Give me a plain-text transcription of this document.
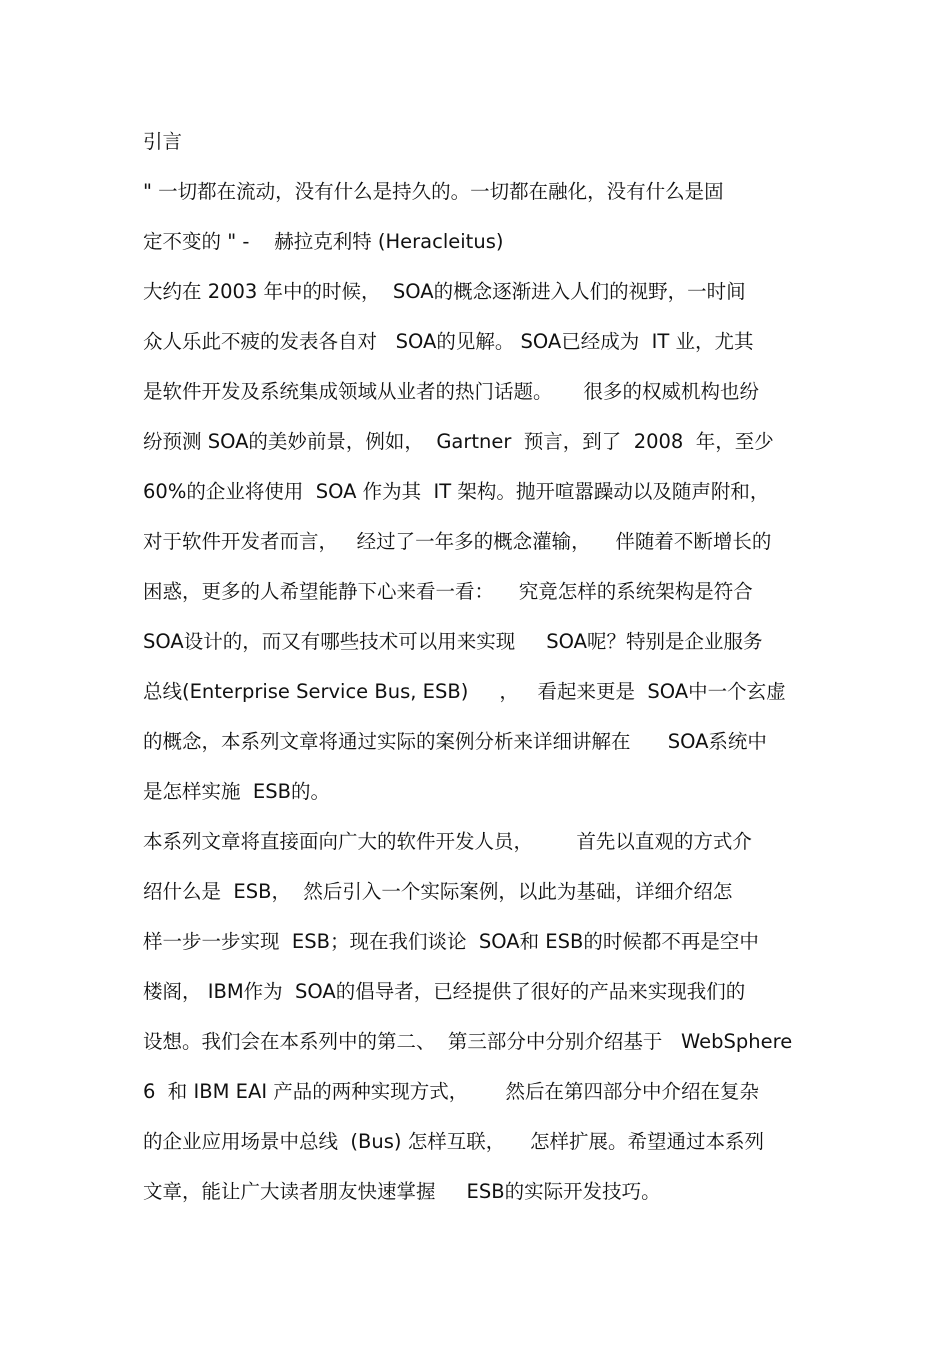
引言
" 一切都在流动，没有什么是持久的。一切都在融化，没有什么是固
定不变的 " -    赫拉克利特 (Heracleitus)
大约在 2003 年中的时候，  SOA的概念逐渐进入人们的视野，一时间
众人乐此不疲的发表各自对   SOA的见解。 SOA已经成为  IT 业，尤其
是软件开发及系统集成领域从业者的热门话题。     很多的权威机构也纷
纷预测 SOA的美妙前景，例如，  Gartner  预言，到了  2008  年，至少
60%的企业将使用  SOA 作为其  IT 架构。抛开喧嚣躁动以及随声附和，
对于软件开发者而言，   经过了一年多的概念灌输，    伴随着不断增长的
困惑，更多的人希望能静下心来看一看：    究竟怎样的系统架构是符合
SOA设计的，而又有哪些技术可以用来实现     SOA呢？特别是企业服务
总线(Enterprise Service Bus, ESB)     ，   看起来更是  SOA中一个玄虚
的概念，本系列文章将通过实际的案例分析来详细讲解在      SOA系统中
是怎样实施  ESB的。
本系列文章将直接面向广大的软件开发人员，       首先以直观的方式介
绍什么是  ESB，  然后引入一个实际案例，以此为基础，详细介绍怎
样一步一步实现  ESB；现在我们谈论  SOA和 ESB的时候都不再是空中
楼阁， IBM作为  SOA的倡导者，已经提供了很好的产品来实现我们的
设想。我们会在本系列中的第二、  第三部分中分别介绍基于   WebSphere
6  和 IBM EAI 产品的两种实现方式，      然后在第四部分中介绍在复杂
的企业应用场景中总线  (Bus) 怎样互联，    怎样扩展。希望通过本系列
文章，能让广大读者朋友快速掌握     ESB的实际开发技巧。
